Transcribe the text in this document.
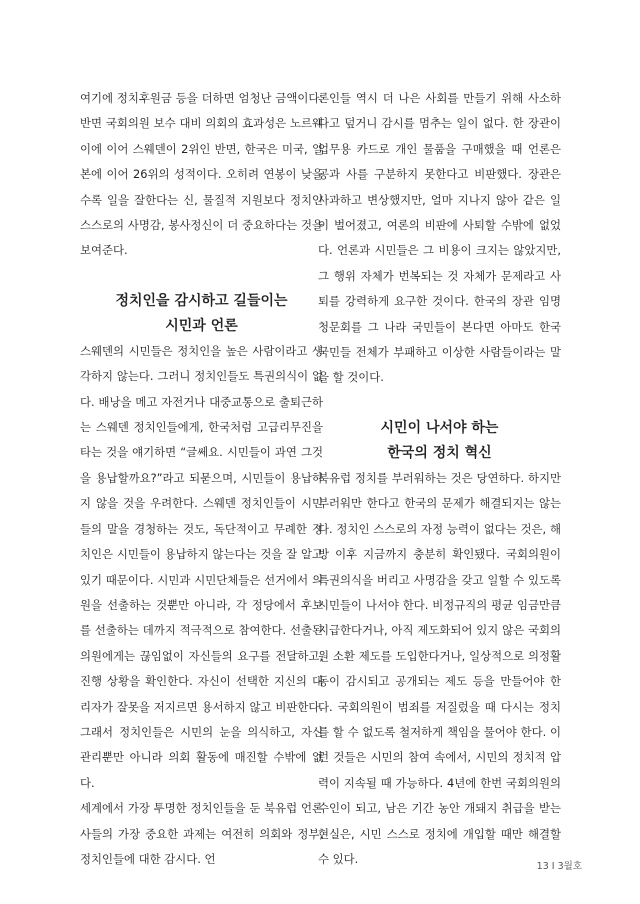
여기에 정치후원금 등을 더하면 엄청난 금액이다. 반면 국회의원 보수 대비 의회의 효과성은 노르웨이에 이어 스웨덴이 2위인 반면, 한국은 미국, 일본에 이어 26위의 성적이다. 오히려 연봉이 낮을수록 일을 잘한다는 신, 물질적 지원보다 정치인 스스로의 사명감, 봉사정신이 더 중요하다는 것을 보여준다.

정치인을 감시하고 길들이는
시민과 언론

스웨덴의 시민들은 정치인을 높은 사람이라고 생각하지 않는다. 그러니 정치인들도 특권의식이 없다. 배낭을 메고 자전거나 대중교통으로 출퇴근하는 스웨덴 정치인들에게, 한국처럼 고급리무진을 타는 것을 얘기하면 “글쎄요. 시민들이 과연 그것을 용납할까요?”라고 되묻으며, 시민들이 용납하지 않을 것을 우려한다. 스웨덴 정치인들이 시민들의 말을 경청하는 것도, 독단적이고 무례한 정치인은 시민들이 용납하지 않는다는 것을 잘 알고 있기 때문이다. 시민과 시민단체들은 선거에서 의원을 선출하는 것뿐만 아니라, 각 정당에서 후보를 선출하는 데까지 적극적으로 참여한다. 선출된 의원에게는 끊임없이 자신들의 요구를 전달하고, 진행 상황을 확인한다. 자신이 선택한 지신의 대리자가 잘못을 저지르면 용서하지 않고 비판한다. 그래서 정치인들은 시민의 눈을 의식하고, 자신 관리뿐만 아니라 의회 활동에 매진할 수밖에 없다.

세계에서 가장 투명한 정치인들을 둔 북유럽 언론사들의 가장 중요한 과제는 여전히 의회와 정부, 정치인들에 대한 감시다. 언

론인들 역시 더 나은 사회를 만들기 위해 사소하다고 덮거니 감시를 멈추는 일이 없다. 한 장관이 업무용 카드로 개인 물품을 구매했을 때 언론은 공과 사를 구분하지 못한다고 비판했다. 장관은 사과하고 변상했지만, 얼마 지나지 않아 같은 일이 벌어졌고, 여론의 비판에 사퇴할 수밖에 없었다. 언론과 시민들은 그 비용이 크지는 않았지만, 그 행위 자체가 번복되는 것 자체가 문제라고 사퇴를 강력하게 요구한 것이다. 한국의 장관 임명 청문회를 그 나라 국민들이 본다면 아마도 한국 국민들 전체가 부패하고 이상한 사람들이라는 말을 할 것이다.

시민이 나서야 하는
한국의 정치 혁신

북유럽 정치를 부러워하는 것은 당연하다. 하지만 부러워만 한다고 한국의 문제가 해결되지는 않는다. 정치인 스스로의 자정 능력이 없다는 것은, 해방 이후 지금까지 충분히 확인됐다. 국회의원이 특권의식을 버리고 사명감을 갖고 일할 수 있도록 시민들이 나서야 한다. 비정규직의 평균 임금만큼 지급한다거나, 아직 제도화되어 있지 않은 국회의원 소환 제도를 도입한다거나, 일상적으로 의정활동이 감시되고 공개되는 제도 등을 만들어야 한다. 국회의원이 범죄를 저질렀을 때 다시는 정치를 할 수 없도록 철저하게 책임을 물어야 한다. 이런 것들은 시민의 참여 속에서, 시민의 정치적 압력이 지속될 때 가능하다. 4년에 한번 국회의원의 수인이 되고, 남은 기간 농안 개돼지 취급을 받는 현실은, 시민 스스로 정치에 개입할 때만 해결할 수 있다.

13 I 3월호
